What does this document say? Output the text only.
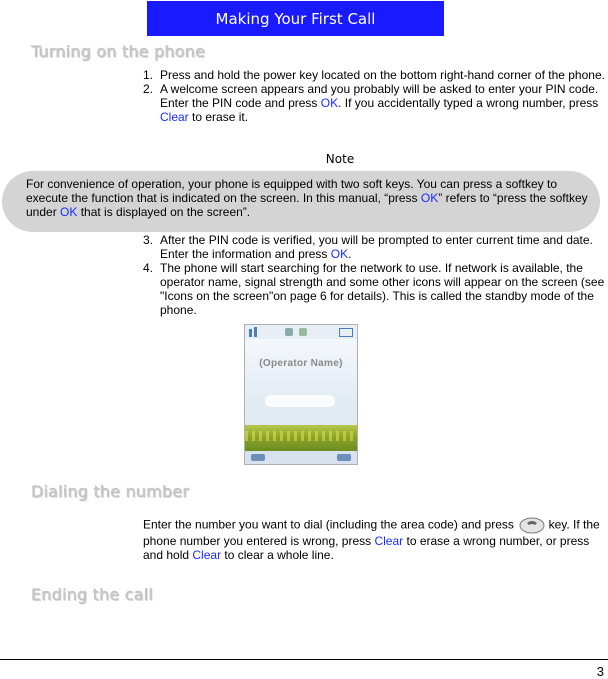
Making Your First Call
Turning on the phone
1. Press and hold the power key located on the bottom right-hand corner of the phone.
2. A welcome screen appears and you probably will be asked to enter your PIN code. Enter the PIN code and press OK. If you accidentally typed a wrong number, press Clear to erase it.
Note

For convenience of operation, your phone is equipped with two soft keys. You can press a softkey to execute the function that is indicated on the screen. In this manual, “press OK” refers to “press the softkey under OK that is displayed on the screen”.

3. After the PIN code is verified, you will be prompted to enter current time and date. Enter the information and press OK.
4. The phone will start searching for the network to use. If network is available, the operator name, signal strength and some other icons will appear on the screen (see "Icons on the screen"on page 6 for details). This is called the standby mode of the phone.
(Operator Name)
Dialing the number

Enter the number you want to dial (including the area code) and press  key. If the phone number you entered is wrong, press Clear to erase a wrong number, or press and hold Clear to clear a whole line.

Ending the call
3
